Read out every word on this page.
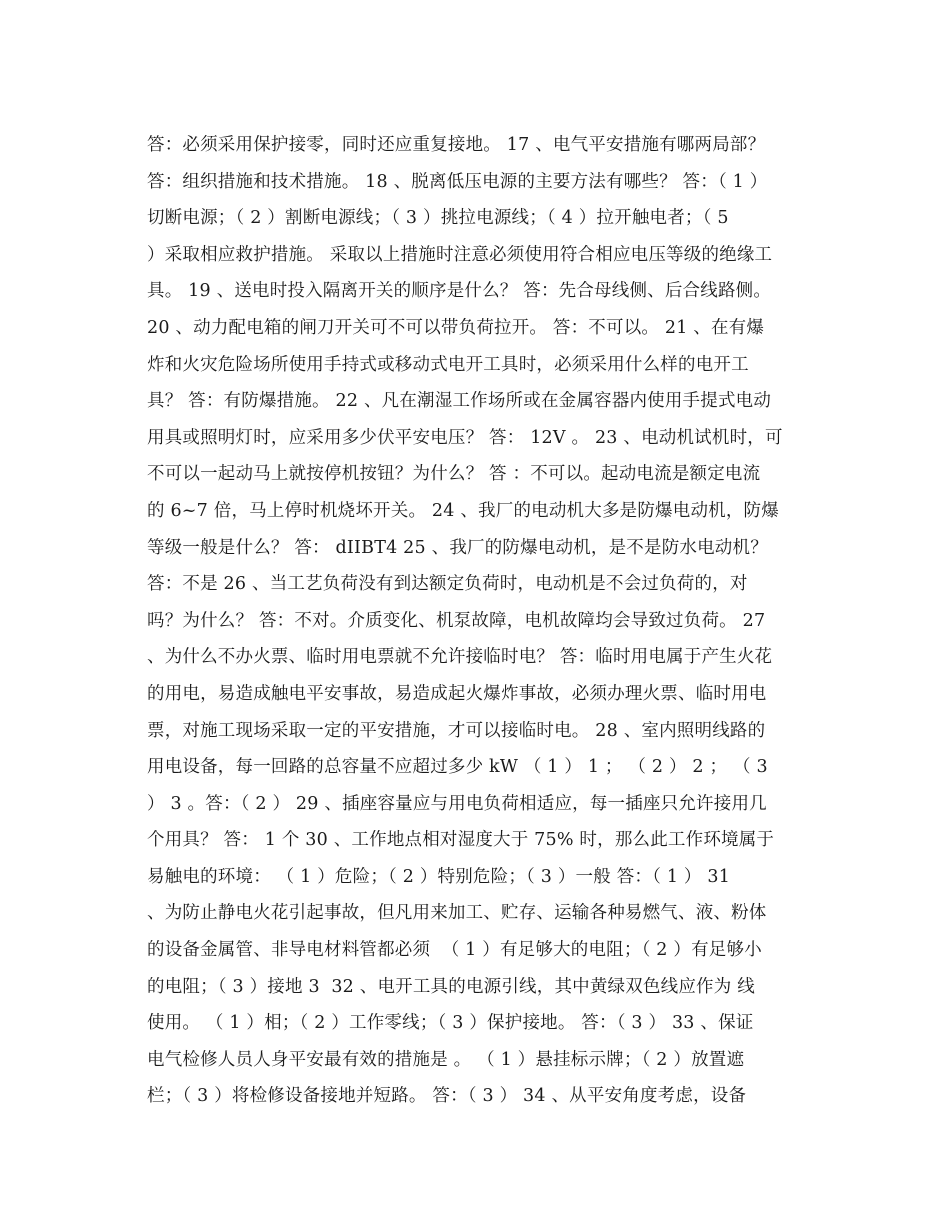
答：必须采用保护接零，同时还应重复接地。 17 、电气平安措施有哪两局部？
答：组织措施和技术措施。 18 、脱离低压电源的主要方法有哪些？ 答：（ 1 ）
切断电源；（ 2 ）割断电源线；（ 3 ）挑拉电源线；（ 4 ）拉开触电者；（ 5
）采取相应救护措施。 采取以上措施时注意必须使用符合相应电压等级的绝缘工
具。 19 、送电时投入隔离开关的顺序是什么？ 答：先合母线侧、后合线路侧。
20 、动力配电箱的闸刀开关可不可以带负荷拉开。 答：不可以。 21 、在有爆
炸和火灾危险场所使用手持式或移动式电开工具时，必须采用什么样的电开工
具？ 答：有防爆措施。 22 、凡在潮湿工作场所或在金属容器内使用手提式电动
用具或照明灯时，应采用多少伏平安电压？ 答： 12V 。 23 、电动机试机时，可
不可以一起动马上就按停机按钮？为什么？ 答 ：不可以。起动电流是额定电流
的 6~7 倍，马上停时机烧坏开关。 24 、我厂的电动机大多是防爆电动机，防爆
等级一般是什么？ 答： dIIBT4 25 、我厂的防爆电动机，是不是防水电动机？
答：不是 26 、当工艺负荷没有到达额定负荷时，电动机是不会过负荷的，对
吗？为什么？ 答：不对。介质变化、机泵故障，电机故障均会导致过负荷。 27
、为什么不办火票、临时用电票就不允许接临时电？ 答：临时用电属于产生火花
的用电，易造成触电平安事故，易造成起火爆炸事故，必须办理火票、临时用电
票，对施工现场采取一定的平安措施，才可以接临时电。 28 、室内照明线路的
用电设备，每一回路的总容量不应超过多少 kW （ 1 ） 1 ； （ 2 ） 2 ； （ 3
） 3 。答：（ 2 ） 29 、插座容量应与用电负荷相适应，每一插座只允许接用几
个用具？ 答： 1 个 30 、工作地点相对湿度大于 75% 时，那么此工作环境属于
易触电的环境： （ 1 ）危险；（ 2 ）特别危险；（ 3 ）一般 答：（ 1 ） 31
、为防止静电火花引起事故，但凡用来加工、贮存、运输各种易燃气、液、粉体
的设备金属管、非导电材料管都必须  （ 1 ）有足够大的电阻；（ 2 ）有足够小
的电阻；（ 3 ）接地 3  32 、电开工具的电源引线，其中黄绿双色线应作为 线
使用。 （ 1 ）相；（ 2 ）工作零线；（ 3 ）保护接地。 答：（ 3 ） 33 、保证
电气检修人员人身平安最有效的措施是 。 （ 1 ）悬挂标示牌；（ 2 ）放置遮
栏；（ 3 ）将检修设备接地并短路。 答：（ 3 ） 34 、从平安角度考虑，设备
